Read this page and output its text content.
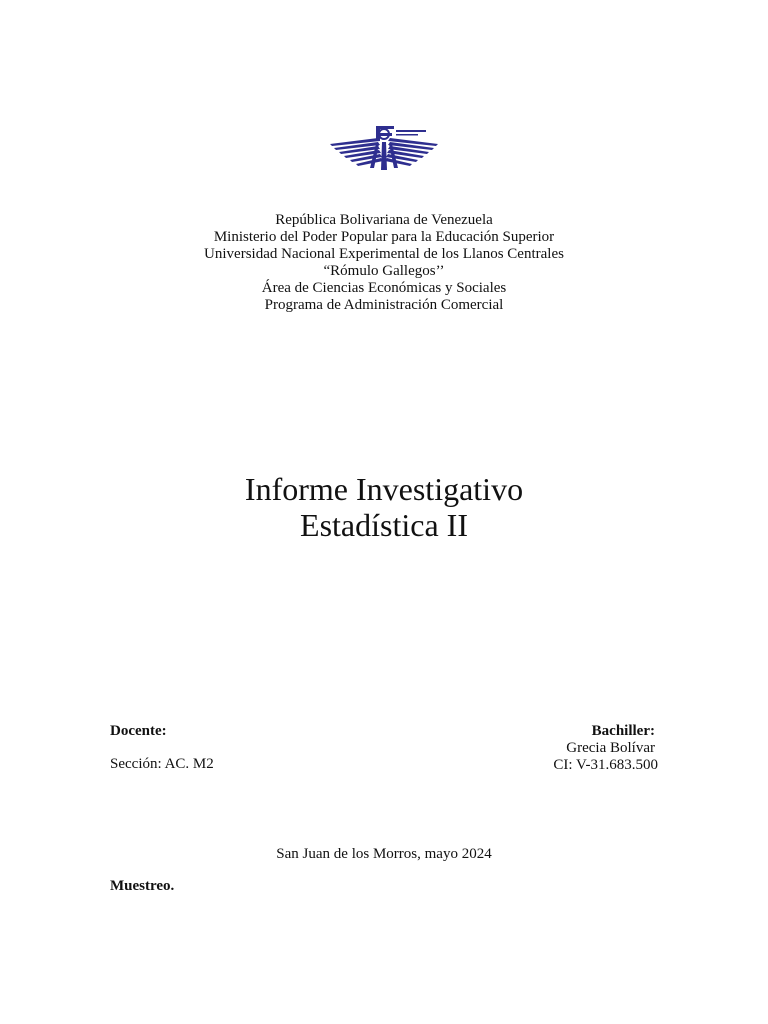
República Bolivariana de Venezuela
Ministerio del Poder Popular para la Educación Superior
Universidad Nacional Experimental de los Llanos Centrales
“Rómulo Gallegos’’
Área de Ciencias Económicas y Sociales
Programa de Administración Comercial
Informe Investigativo
Estadística II
Docente:
Sección: AC. M2
Bachiller:
Grecia Bolívar
CI: V-31.683.500
San Juan de los Morros, mayo 2024
Muestreo.
